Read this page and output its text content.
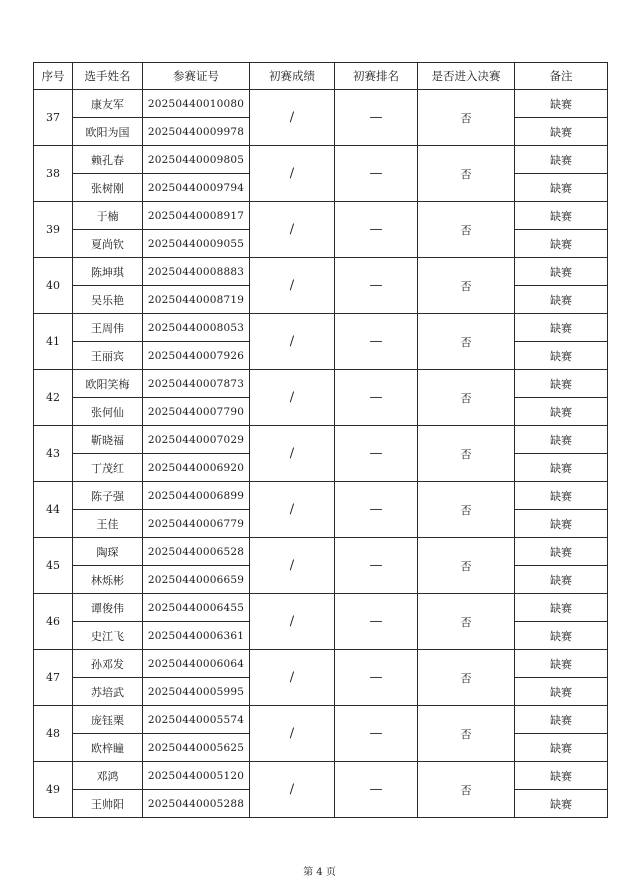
序号	选手姓名	参赛证号	初赛成绩	初赛排名	是否进入决赛	备注
37	康友军	20250440010080	/	—	否	缺赛
	欧阳为国	20250440009978				缺赛
38	赖孔春	20250440009805	/	—	否	缺赛
	张树刚	20250440009794				缺赛
39	于楠	20250440008917	/	—	否	缺赛
	夏尚钦	20250440009055				缺赛
40	陈坤琪	20250440008883	/	—	否	缺赛
	吴乐艳	20250440008719				缺赛
41	王周伟	20250440008053	/	—	否	缺赛
	王丽宾	20250440007926				缺赛
42	欧阳笑梅	20250440007873	/	—	否	缺赛
	张何仙	20250440007790				缺赛
43	靳晓福	20250440007029	/	—	否	缺赛
	丁茂红	20250440006920				缺赛
44	陈子强	20250440006899	/	—	否	缺赛
	王佳	20250440006779				缺赛
45	陶琛	20250440006528	/	—	否	缺赛
	林烁彬	20250440006659				缺赛
46	谭俊伟	20250440006455	/	—	否	缺赛
	史江飞	20250440006361				缺赛
47	孙邓发	20250440006064	/	—	否	缺赛
	苏培武	20250440005995				缺赛
48	庞钰栗	20250440005574	/	—	否	缺赛
	欧梓瞳	20250440005625				缺赛
49	邓鸿	20250440005120	/	—	否	缺赛
	王帅阳	20250440005288				缺赛
第 4 页
